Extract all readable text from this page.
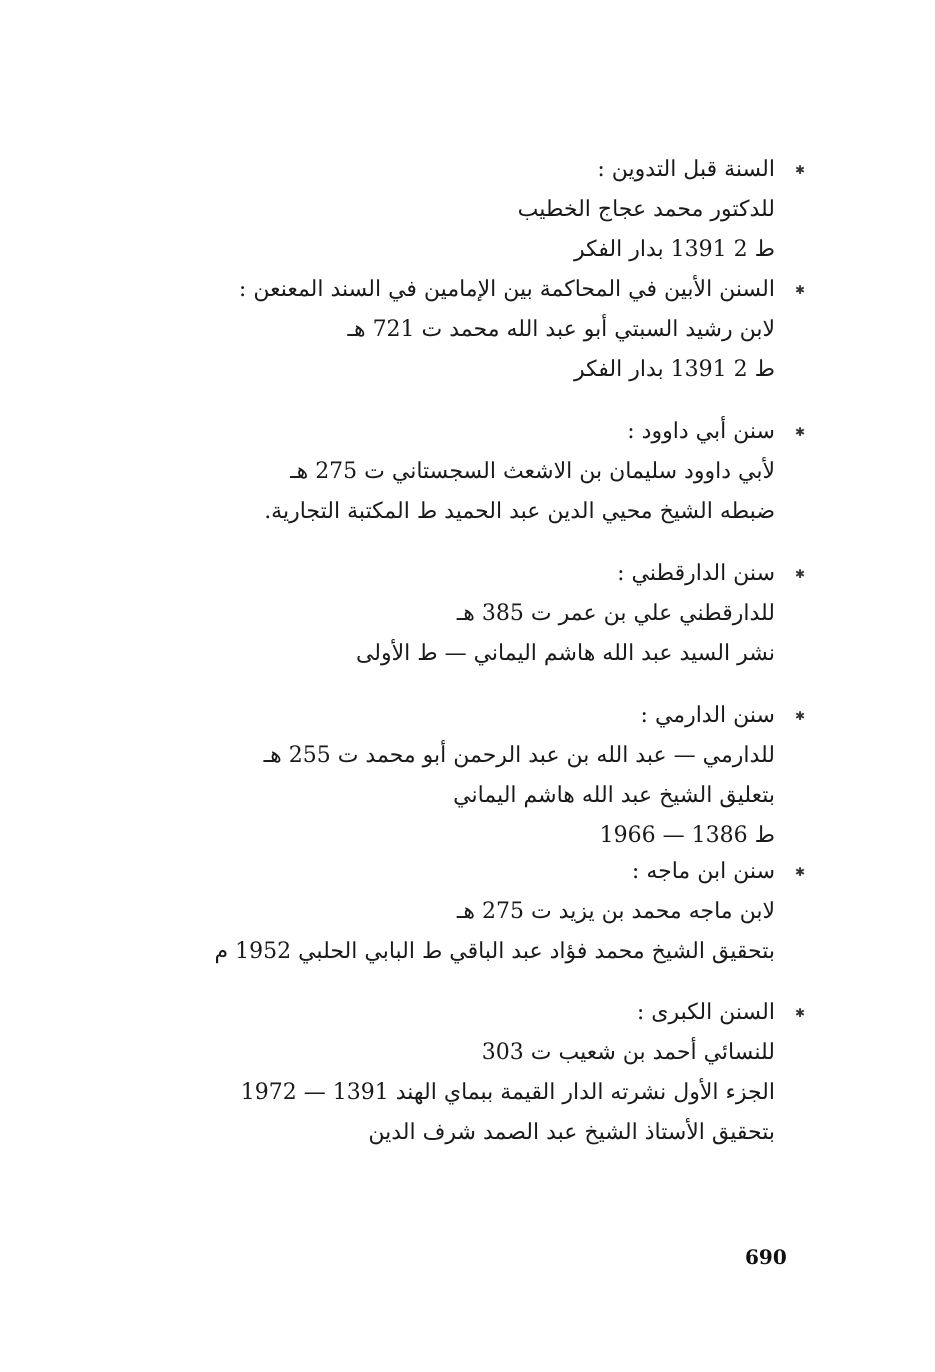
✱
السنة قبل التدوين :
للدكتور محمد عجاج الخطيب
ط 2 1391 بدار الفكر
✱
السنن الأبين في المحاكمة بين الإمامين في السند المعنعن :
لابن رشيد السبتي أبو عبد الله محمد ت 721 هـ
ط 2 1391 بدار الفكر
✱
سنن أبي داوود :
لأبي داوود سليمان بن الاشعث السجستاني ت 275 هـ
ضبطه الشيخ محيي الدين عبد الحميد ط المكتبة التجارية.
✱
سنن الدارقطني :
للدارقطني علي بن عمر ت 385 هـ
نشر السيد عبد الله هاشم اليماني — ط الأولى
✱
سنن الدارمي :
للدارمي — عبد الله بن عبد الرحمن أبو محمد ت 255 هـ
بتعليق الشيخ عبد الله هاشم اليماني
ط 1386 — 1966
✱
سنن ابن ماجه :
لابن ماجه محمد بن يزيد ت 275 هـ
بتحقيق الشيخ محمد فؤاد عبد الباقي ط البابي الحلبي 1952 م
✱
السنن الكبرى :
للنسائي أحمد بن شعيب ت 303
الجزء الأول نشرته الدار القيمة ببماي الهند 1391 — 1972
بتحقيق الأستاذ الشيخ عبد الصمد شرف الدين
690
